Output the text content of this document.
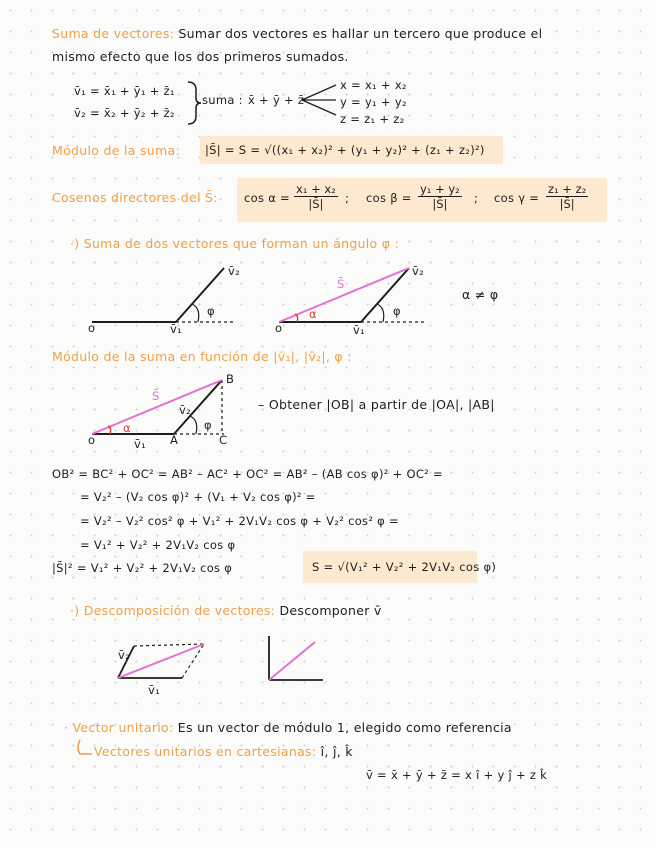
Suma de vectores: Sumar dos vectores es hallar un tercero que produce el
mismo efecto que los dos primeros sumados.
v̄₁ = x̄₁ + ȳ₁ + z̄₁
v̄₂ = x̄₂ + ȳ₂ + z̄₂
suma : x̄ + ȳ + z̄
x = x₁ + x₂
y = y₁ + y₂
z = z₁ + z₂
Módulo de la suma: |S̄| = S = √((x₁ + x₂)² + (y₁ + y₂)² + (z₁ + z₂)²)
Cosenos directores del S̄: $\cos \alpha = \frac{\text{x₁ + x₂}}{|S̄|}$ ; $\cos \beta = \frac{\text{y₁ + y₂}}{|S̄|}$ ; $\cos \gamma = \frac{\text{z₁ + z₂}}{|S̄|}$
·) Suma de dos vectores que forman un ángulo φ :
o	v̄₁
v̄₂
φ
o	v̄₁
v̄₂
φ
S̄
α
α ≠ φ
Módulo de la suma en función de |v̄₁|, |v̄₂|, φ :
o	A
B
C
v̄₁
v̄₂
φ
S̄
α
– Obtener |OB| a partir de |OA|, |AB|
OB² = BC² + OC² = AB² – AC² + OC² = AB² – (AB cos φ)² + OC² =
= V₂² – (V₂ cos φ)² + (V₁ + V₂ cos φ)² =
= V₂² – V₂² cos² φ + V₁² + 2V₁V₂ cos φ + V₂² cos² φ =
= V₁² + V₂² + 2V₁V₂ cos φ
|S̄|² = V₁² + V₂² + 2V₁V₂ cos φ	S = √(V₁² + V₂² + 2V₁V₂ cos φ)
·) Descomposición de vectores: Descomponer v̄
v̄₂
v̄₁
· Vector unitario: Es un vector de módulo 1, elegido como referencia
Vectores unitarios en cartesianas: î, ĵ, k̂
v̄ = x̄ + ȳ + z̄ = x î + y ĵ + z k̂
